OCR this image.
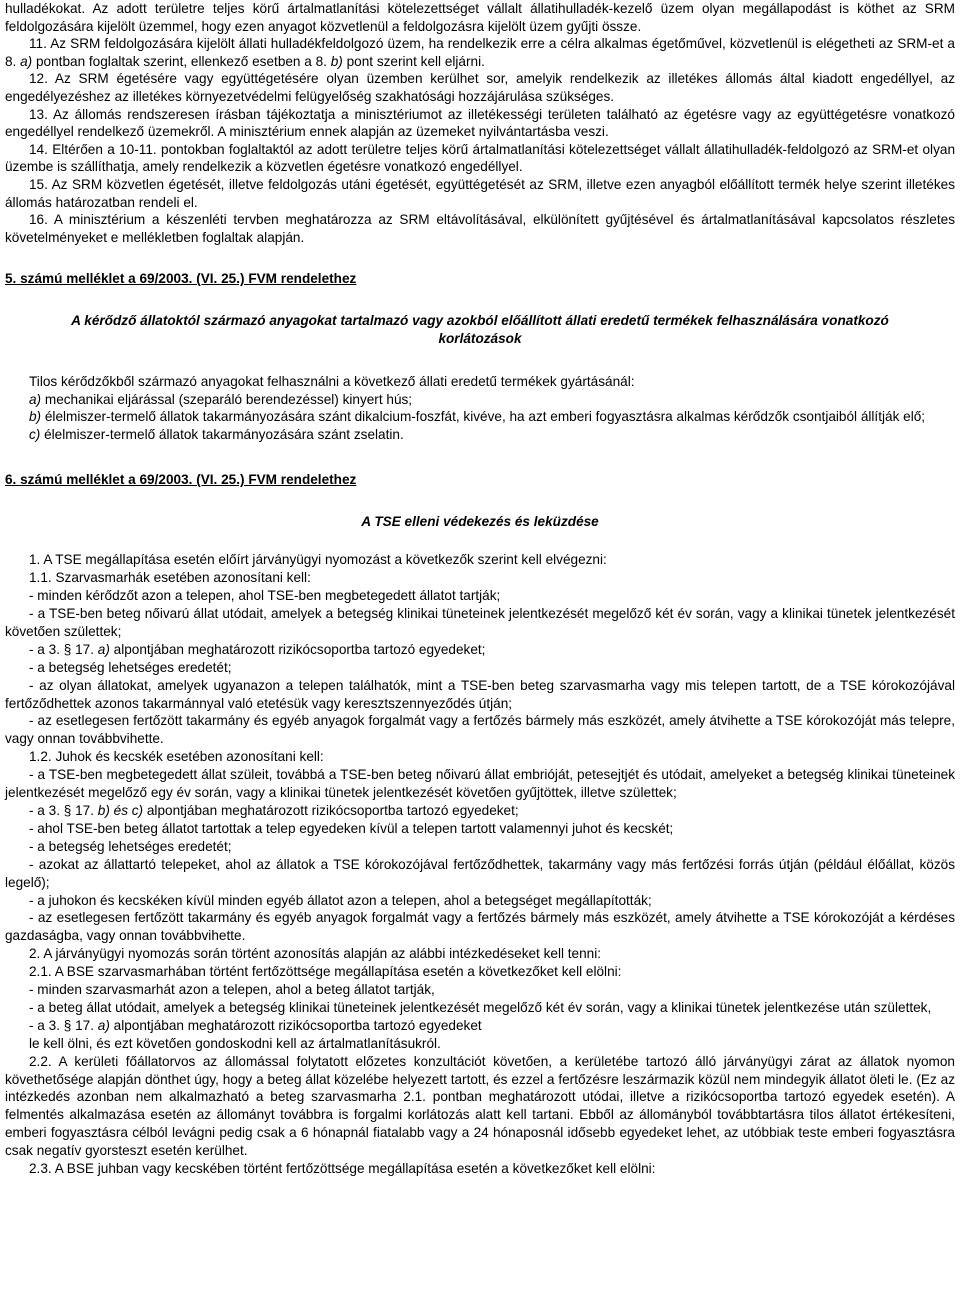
hulladékokat. Az adott területre teljes körű ártalmatlanítási kötelezettséget vállalt állatihulladék-kezelő üzem olyan megállapodást is köthet az SRM feldolgozására kijelölt üzemmel, hogy ezen anyagot közvetlenül a feldolgozásra kijelölt üzem gyűjti össze.

11. Az SRM feldolgozására kijelölt állati hulladékfeldolgozó üzem, ha rendelkezik erre a célra alkalmas égetőművel, közvetlenül is elégetheti az SRM-et a 8. a) pontban foglaltak szerint, ellenkező esetben a 8. b) pont szerint kell eljárni.

12. Az SRM égetésére vagy együttégetésére olyan üzemben kerülhet sor, amelyik rendelkezik az illetékes állomás által kiadott engedéllyel, az engedélyezéshez az illetékes környezetvédelmi felügyelőség szakhatósági hozzájárulása szükséges.

13. Az állomás rendszeresen írásban tájékoztatja a minisztériumot az illetékességi területen található az égetésre vagy az együttégetésre vonatkozó engedéllyel rendelkező üzemekről. A minisztérium ennek alapján az üzemeket nyilvántartásba veszi.

14. Eltérően a 10-11. pontokban foglaltaktól az adott területre teljes körű ártalmatlanítási kötelezettséget vállalt állatihulladék-feldolgozó az SRM-et olyan üzembe is szállíthatja, amely rendelkezik a közvetlen égetésre vonatkozó engedéllyel.

15. Az SRM közvetlen égetését, illetve feldolgozás utáni égetését, együttégetését az SRM, illetve ezen anyagból előállított termék helye szerint illetékes állomás határozatban rendeli el.

16. A minisztérium a készenléti tervben meghatározza az SRM eltávolításával, elkülönített gyűjtésével és ártalmatlanításával kapcsolatos részletes követelményeket e mellékletben foglaltak alapján.

5. számú melléklet a 69/2003. (VI. 25.) FVM rendelethez

A kérődző állatoktól származó anyagokat tartalmazó vagy azokból előállított állati eredetű termékek felhasználására vonatkozó korlátozások

Tilos kérődzőkből származó anyagokat felhasználni a következő állati eredetű termékek gyártásánál:

a) mechanikai eljárással (szeparáló berendezéssel) kinyert hús;

b) élelmiszer-termelő állatok takarmányozására szánt dikalcium-foszfát, kivéve, ha azt emberi fogyasztásra alkalmas kérődzők csontjaiból állítják elő;

c) élelmiszer-termelő állatok takarmányozására szánt zselatin.

6. számú melléklet a 69/2003. (VI. 25.) FVM rendelethez

A TSE elleni védekezés és leküzdése

1. A TSE megállapítása esetén előírt járványügyi nyomozást a következők szerint kell elvégezni:

1.1. Szarvasmarhák esetében azonosítani kell:

- minden kérődzőt azon a telepen, ahol TSE-ben megbetegedett állatot tartják;

- a TSE-ben beteg nőivarú állat utódait, amelyek a betegség klinikai tüneteinek jelentkezését megelőző két év során, vagy a klinikai tünetek jelentkezését követően születtek;

- a 3. § 17. a) alpontjában meghatározott rizikócsoportba tartozó egyedeket;

- a betegség lehetséges eredetét;

- az olyan állatokat, amelyek ugyanazon a telepen találhatók, mint a TSE-ben beteg szarvasmarha vagy mis telepen tartott, de a TSE kórokozójával fertőződhettek azonos takarmánnyal való etetésük vagy keresztszennyeződés útján;

- az esetlegesen fertőzött takarmány és egyéb anyagok forgalmát vagy a fertőzés bármely más eszközét, amely átvihette a TSE kórokozóját más telepre, vagy onnan továbbvihette.

1.2. Juhok és kecskék esetében azonosítani kell:

- a TSE-ben megbetegedett állat szüleit, továbbá a TSE-ben beteg nőivarú állat embrióját, petesejtjét és utódait, amelyeket a betegség klinikai tüneteinek jelentkezését megelőző egy év során, vagy a klinikai tünetek jelentkezését követően gyűjtöttek, illetve születtek;

- a 3. § 17. b) és c) alpontjában meghatározott rizikócsoportba tartozó egyedeket;

- ahol TSE-ben beteg állatot tartottak a telep egyedeken kívül a telepen tartott valamennyi juhot és kecskét;

- a betegség lehetséges eredetét;

- azokat az állattartó telepeket, ahol az állatok a TSE kórokozójával fertőződhettek, takarmány vagy más fertőzési forrás útján (például élőállat, közös legelő);

- a juhokon és kecskéken kívül minden egyéb állatot azon a telepen, ahol a betegséget megállapították;

- az esetlegesen fertőzött takarmány és egyéb anyagok forgalmát vagy a fertőzés bármely más eszközét, amely átvihette a TSE kórokozóját a kérdéses gazdaságba, vagy onnan továbbvihette.

2. A járványügyi nyomozás során történt azonosítás alapján az alábbi intézkedéseket kell tenni:

2.1. A BSE szarvasmarhában történt fertőzöttsége megállapítása esetén a következőket kell elölni:

- minden szarvasmarhát azon a telepen, ahol a beteg állatot tartják,

- a beteg állat utódait, amelyek a betegség klinikai tüneteinek jelentkezését megelőző két év során, vagy a klinikai tünetek jelentkezése után születtek,

- a 3. § 17. a) alpontjában meghatározott rizikócsoportba tartozó egyedeket

le kell ölni, és ezt követően gondoskodni kell az ártalmatlanításukról.

2.2. A kerületi főállatorvos az állomással folytatott előzetes konzultációt követően, a kerületébe tartozó álló járványügyi zárat az állatok nyomon követhetősége alapján dönthet úgy, hogy a beteg állat közelébe helyezett tartott, és ezzel a fertőzésre leszármazik közül nem mindegyik állatot öleti le. (Ez az intézkedés azonban nem alkalmazható a beteg szarvasmarha 2.1. pontban meghatározott utódai, illetve a rizikócsoportba tartozó egyedek esetén). A felmentés alkalmazása esetén az állományt továbbra is forgalmi korlátozás alatt kell tartani. Ebből az állományból továbbtartásra tilos állatot értékesíteni, emberi fogyasztásra célból levágni pedig csak a 6 hónapnál fiatalabb vagy a 24 hónaposnál idősebb egyedeket lehet, az utóbbiak teste emberi fogyasztásra csak negatív gyorsteszt esetén kerülhet.

2.3. A BSE juhban vagy kecskében történt fertőzöttsége megállapítása esetén a következőket kell elölni:
